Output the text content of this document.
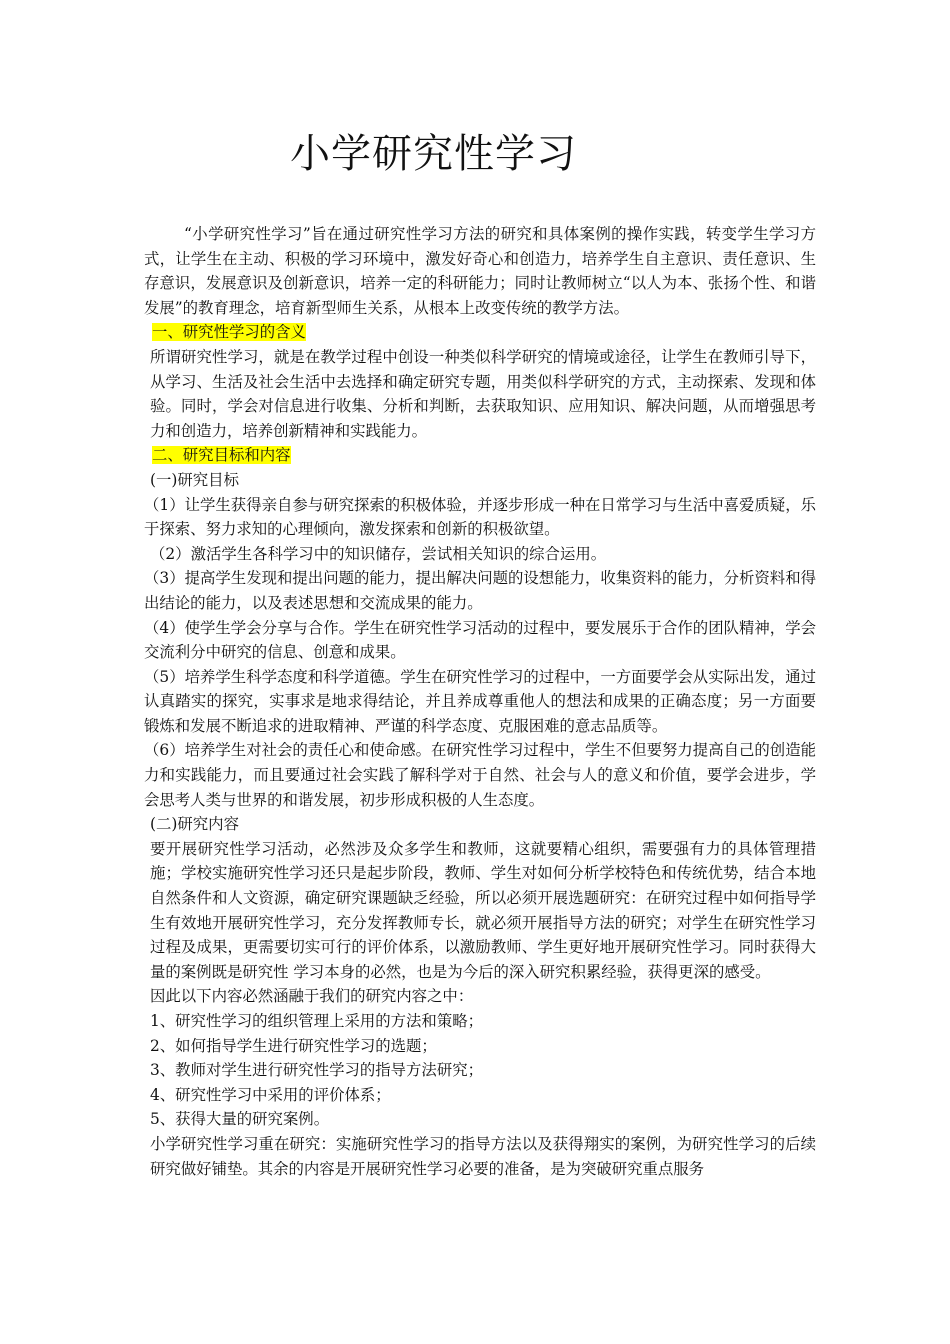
小学研究性学习

“小学研究性学习”旨在通过研究性学习方法的研究和具体案例的操作实践，转变学生学习方式，让学生在主动、积极的学习环境中，激发好奇心和创造力，培养学生自主意识、责任意识、生存意识，发展意识及创新意识，培养一定的科研能力；同时让教师树立“以人为本、张扬个性、和谐发展”的教育理念，培育新型师生关系，从根本上改变传统的教学方法。

一、研究性学习的含义

所谓研究性学习，就是在教学过程中创设一种类似科学研究的情境或途径，让学生在教师引导下，从学习、生活及社会生活中去选择和确定研究专题，用类似科学研究的方式，主动探索、发现和体验。同时，学会对信息进行收集、分析和判断，去获取知识、应用知识、解决问题，从而增强思考力和创造力，培养创新精神和实践能力。

二、研究目标和内容

(一)研究目标

（1）让学生获得亲自参与研究探索的积极体验，并逐步形成一种在日常学习与生活中喜爱质疑，乐于探索、努力求知的心理倾向，激发探索和创新的积极欲望。

（2）激活学生各科学习中的知识储存，尝试相关知识的综合运用。

（3）提高学生发现和提出问题的能力，提出解决问题的设想能力，收集资料的能力，分析资料和得出结论的能力，以及表述思想和交流成果的能力。

（4）使学生学会分享与合作。学生在研究性学习活动的过程中，要发展乐于合作的团队精神，学会交流利分中研究的信息、创意和成果。

（5）培养学生科学态度和科学道德。学生在研究性学习的过程中，一方面要学会从实际出发，通过认真踏实的探究，实事求是地求得结论，并且养成尊重他人的想法和成果的正确态度；另一方面要锻炼和发展不断追求的进取精神、严谨的科学态度、克服困难的意志品质等。

（6）培养学生对社会的责任心和使命感。在研究性学习过程中，学生不但要努力提高自己的创造能力和实践能力，而且要通过社会实践了解科学对于自然、社会与人的意义和价值，要学会进步，学会思考人类与世界的和谐发展，初步形成积极的人生态度。

(二)研究内容

要开展研究性学习活动，必然涉及众多学生和教师，这就要精心组织，需要强有力的具体管理措施；学校实施研究性学习还只是起步阶段，教师、学生对如何分析学校特色和传统优势，结合本地自然条件和人文资源，确定研究课题缺乏经验，所以必须开展选题研究：在研究过程中如何指导学生有效地开展研究性学习，充分发挥教师专长，就必须开展指导方法的研究；对学生在研究性学习过程及成果，更需要切实可行的评价体系，以激励教师、学生更好地开展研究性学习。同时获得大量的案例既是研究性 学习本身的必然，也是为今后的深入研究积累经验，获得更深的感受。

因此以下内容必然涵融于我们的研究内容之中：

1、研究性学习的组织管理上采用的方法和策略；

2、如何指导学生进行研究性学习的选题；

3、教师对学生进行研究性学习的指导方法研究；

4、研究性学习中采用的评价体系；

5、获得大量的研究案例。

小学研究性学习重在研究：实施研究性学习的指导方法以及获得翔实的案例，为研究性学习的后续研究做好铺垫。其余的内容是开展研究性学习必要的准备，是为突破研究重点服务
